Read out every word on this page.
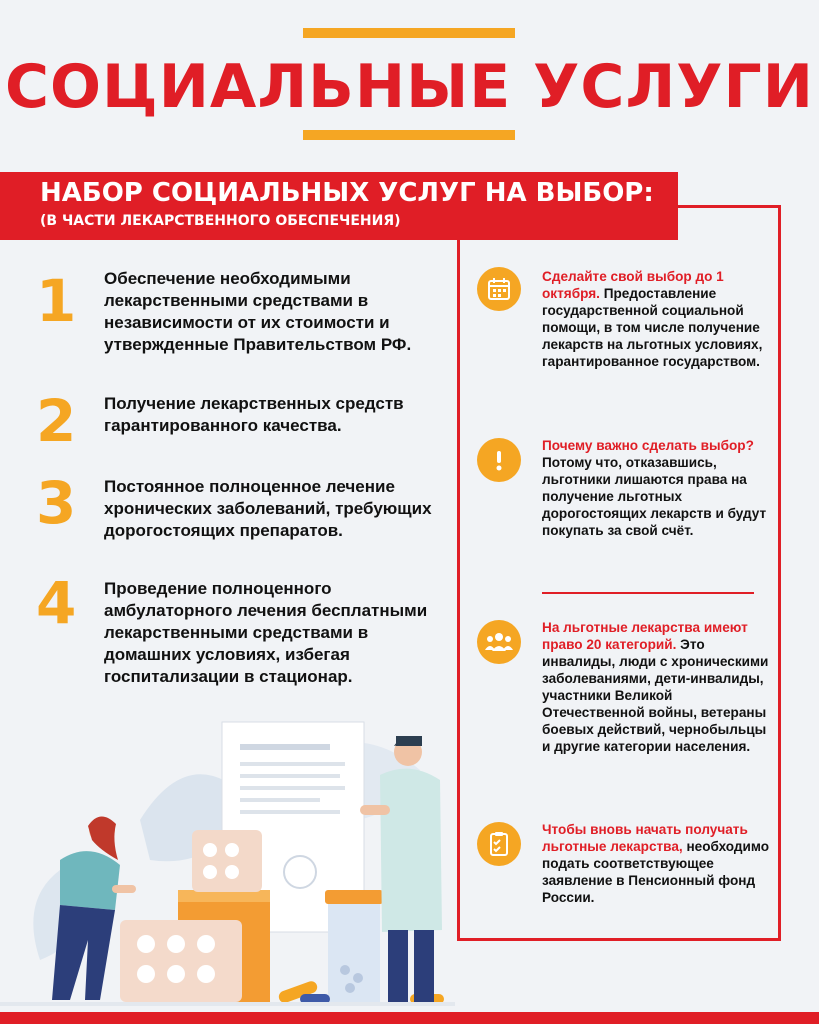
СОЦИАЛЬНЫЕ УСЛУГИ
НАБОР СОЦИАЛЬНЫХ УСЛУГ НА ВЫБОР:
(В ЧАСТИ ЛЕКАРСТВЕННОГО ОБЕСПЕЧЕНИЯ)
1 Обеспечение необходимыми лекарственными средствами в независимости от их стоимости и утвержденные Правительством РФ.
2 Получение лекарственных средств гарантированного качества.
3 Постоянное полноценное лечение хронических заболеваний, требующих дорогостоящих препаратов.
4 Проведение полноценного амбулаторного лечения бесплатными лекарственными средствами в домашних условиях, избегая госпитализации в стационар.
Сделайте свой выбор до 1 октября. Предоставление государственной социальной помощи, в том числе получение лекарств на льготных условиях, гарантированное государством.
Почему важно сделать выбор? Потому что, отказавшись, льготники лишаются права на получение льготных дорогостоящих лекарств и будут покупать за свой счёт.
На льготные лекарства имеют право 20 категорий. Это инвалиды, люди с хроническими заболеваниями, дети-инвалиды, участники Великой Отечественной войны, ветераны боевых действий, чернобыльцы и другие категории населения.
Чтобы вновь начать получать льготные лекарства, необходимо подать соответствующее заявление в Пенсионный фонд России.
